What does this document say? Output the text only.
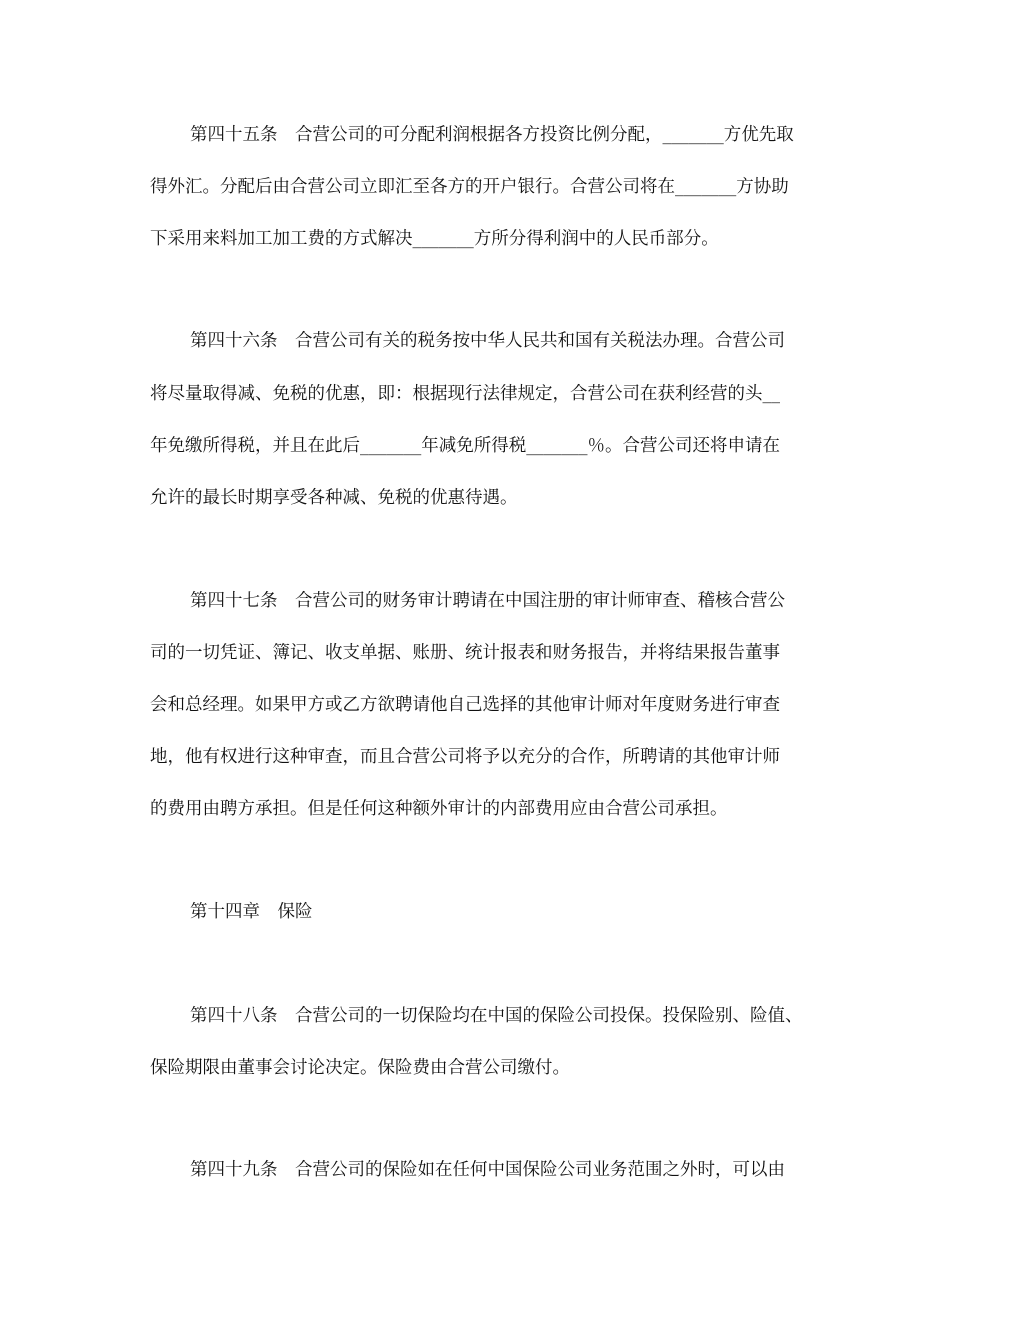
第四十五条　合营公司的可分配利润根据各方投资比例分配，_______方优先取
得外汇。分配后由合营公司立即汇至各方的开户银行。合营公司将在_______方协助
下采用来料加工加工费的方式解决_______方所分得利润中的人民币部分。
第四十六条　合营公司有关的税务按中华人民共和国有关税法办理。合营公司
将尽量取得减、免税的优惠，即：根据现行法律规定，合营公司在获利经营的头__
年免缴所得税，并且在此后_______年减免所得税_______％。合营公司还将申请在
允许的最长时期享受各种减、免税的优惠待遇。
第四十七条　合营公司的财务审计聘请在中国注册的审计师审查、稽核合营公
司的一切凭证、簿记、收支单据、账册、统计报表和财务报告，并将结果报告董事
会和总经理。如果甲方或乙方欲聘请他自己选择的其他审计师对年度财务进行审查
地，他有权进行这种审查，而且合营公司将予以充分的合作，所聘请的其他审计师
的费用由聘方承担。但是任何这种额外审计的内部费用应由合营公司承担。
第十四章　保险
第四十八条　合营公司的一切保险均在中国的保险公司投保。投保险别、险值、
保险期限由董事会讨论决定。保险费由合营公司缴付。
第四十九条　合营公司的保险如在任何中国保险公司业务范围之外时，可以由
